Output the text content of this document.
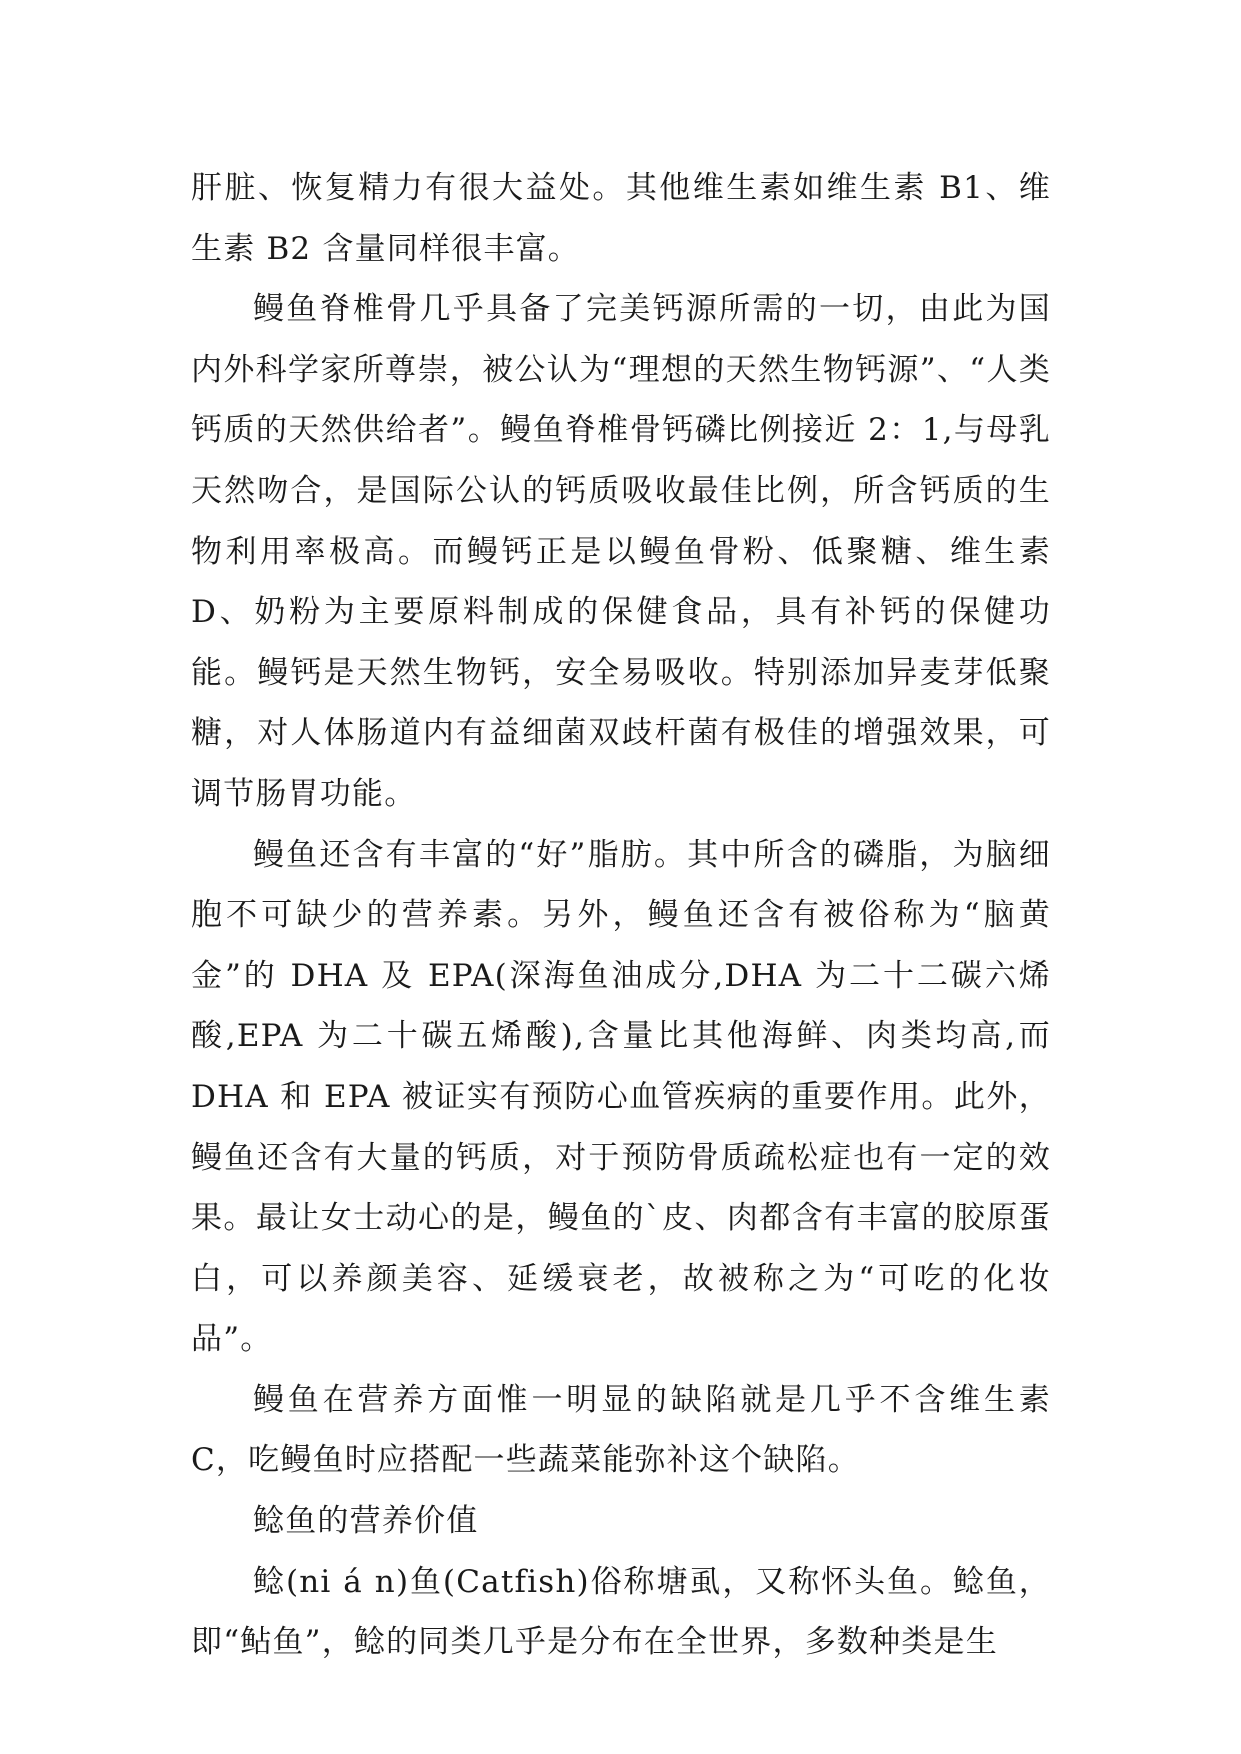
肝脏、恢复精力有很大益处。其他维生素如维生素 B1、维生素 B2 含量同样很丰富。

鳗鱼脊椎骨几乎具备了完美钙源所需的一切，由此为国内外科学家所尊崇，被公认为“理想的天然生物钙源”、“人类钙质的天然供给者”。鳗鱼脊椎骨钙磷比例接近 2：1,与母乳天然吻合，是国际公认的钙质吸收最佳比例，所含钙质的生物利用率极高。而鳗钙正是以鳗鱼骨粉、低聚糖、维生素 D、奶粉为主要原料制成的保健食品，具有补钙的保健功能。鳗钙是天然生物钙，安全易吸收。特别添加异麦芽低聚糖，对人体肠道内有益细菌双歧杆菌有极佳的增强效果，可调节肠胃功能。

鳗鱼还含有丰富的“好”脂肪。其中所含的磷脂，为脑细胞不可缺少的营养素。另外，鳗鱼还含有被俗称为“脑黄金”的 DHA 及 EPA(深海鱼油成分,DHA 为二十二碳六烯酸,EPA 为二十碳五烯酸),含量比其他海鲜、肉类均高,而 DHA 和 EPA 被证实有预防心血管疾病的重要作用。此外，鳗鱼还含有大量的钙质，对于预防骨质疏松症也有一定的效果。最让女士动心的是，鳗鱼的`皮、肉都含有丰富的胶原蛋白，可以养颜美容、延缓衰老，故被称之为“可吃的化妆品”。

鳗鱼在营养方面惟一明显的缺陷就是几乎不含维生素 C，吃鳗鱼时应搭配一些蔬菜能弥补这个缺陷。

鲶鱼的营养价值

鲶(ni á n)鱼(Catfish)俗称塘虱，又称怀头鱼。鲶鱼，即“鲇鱼”，鲶的同类几乎是分布在全世界，多数种类是生
